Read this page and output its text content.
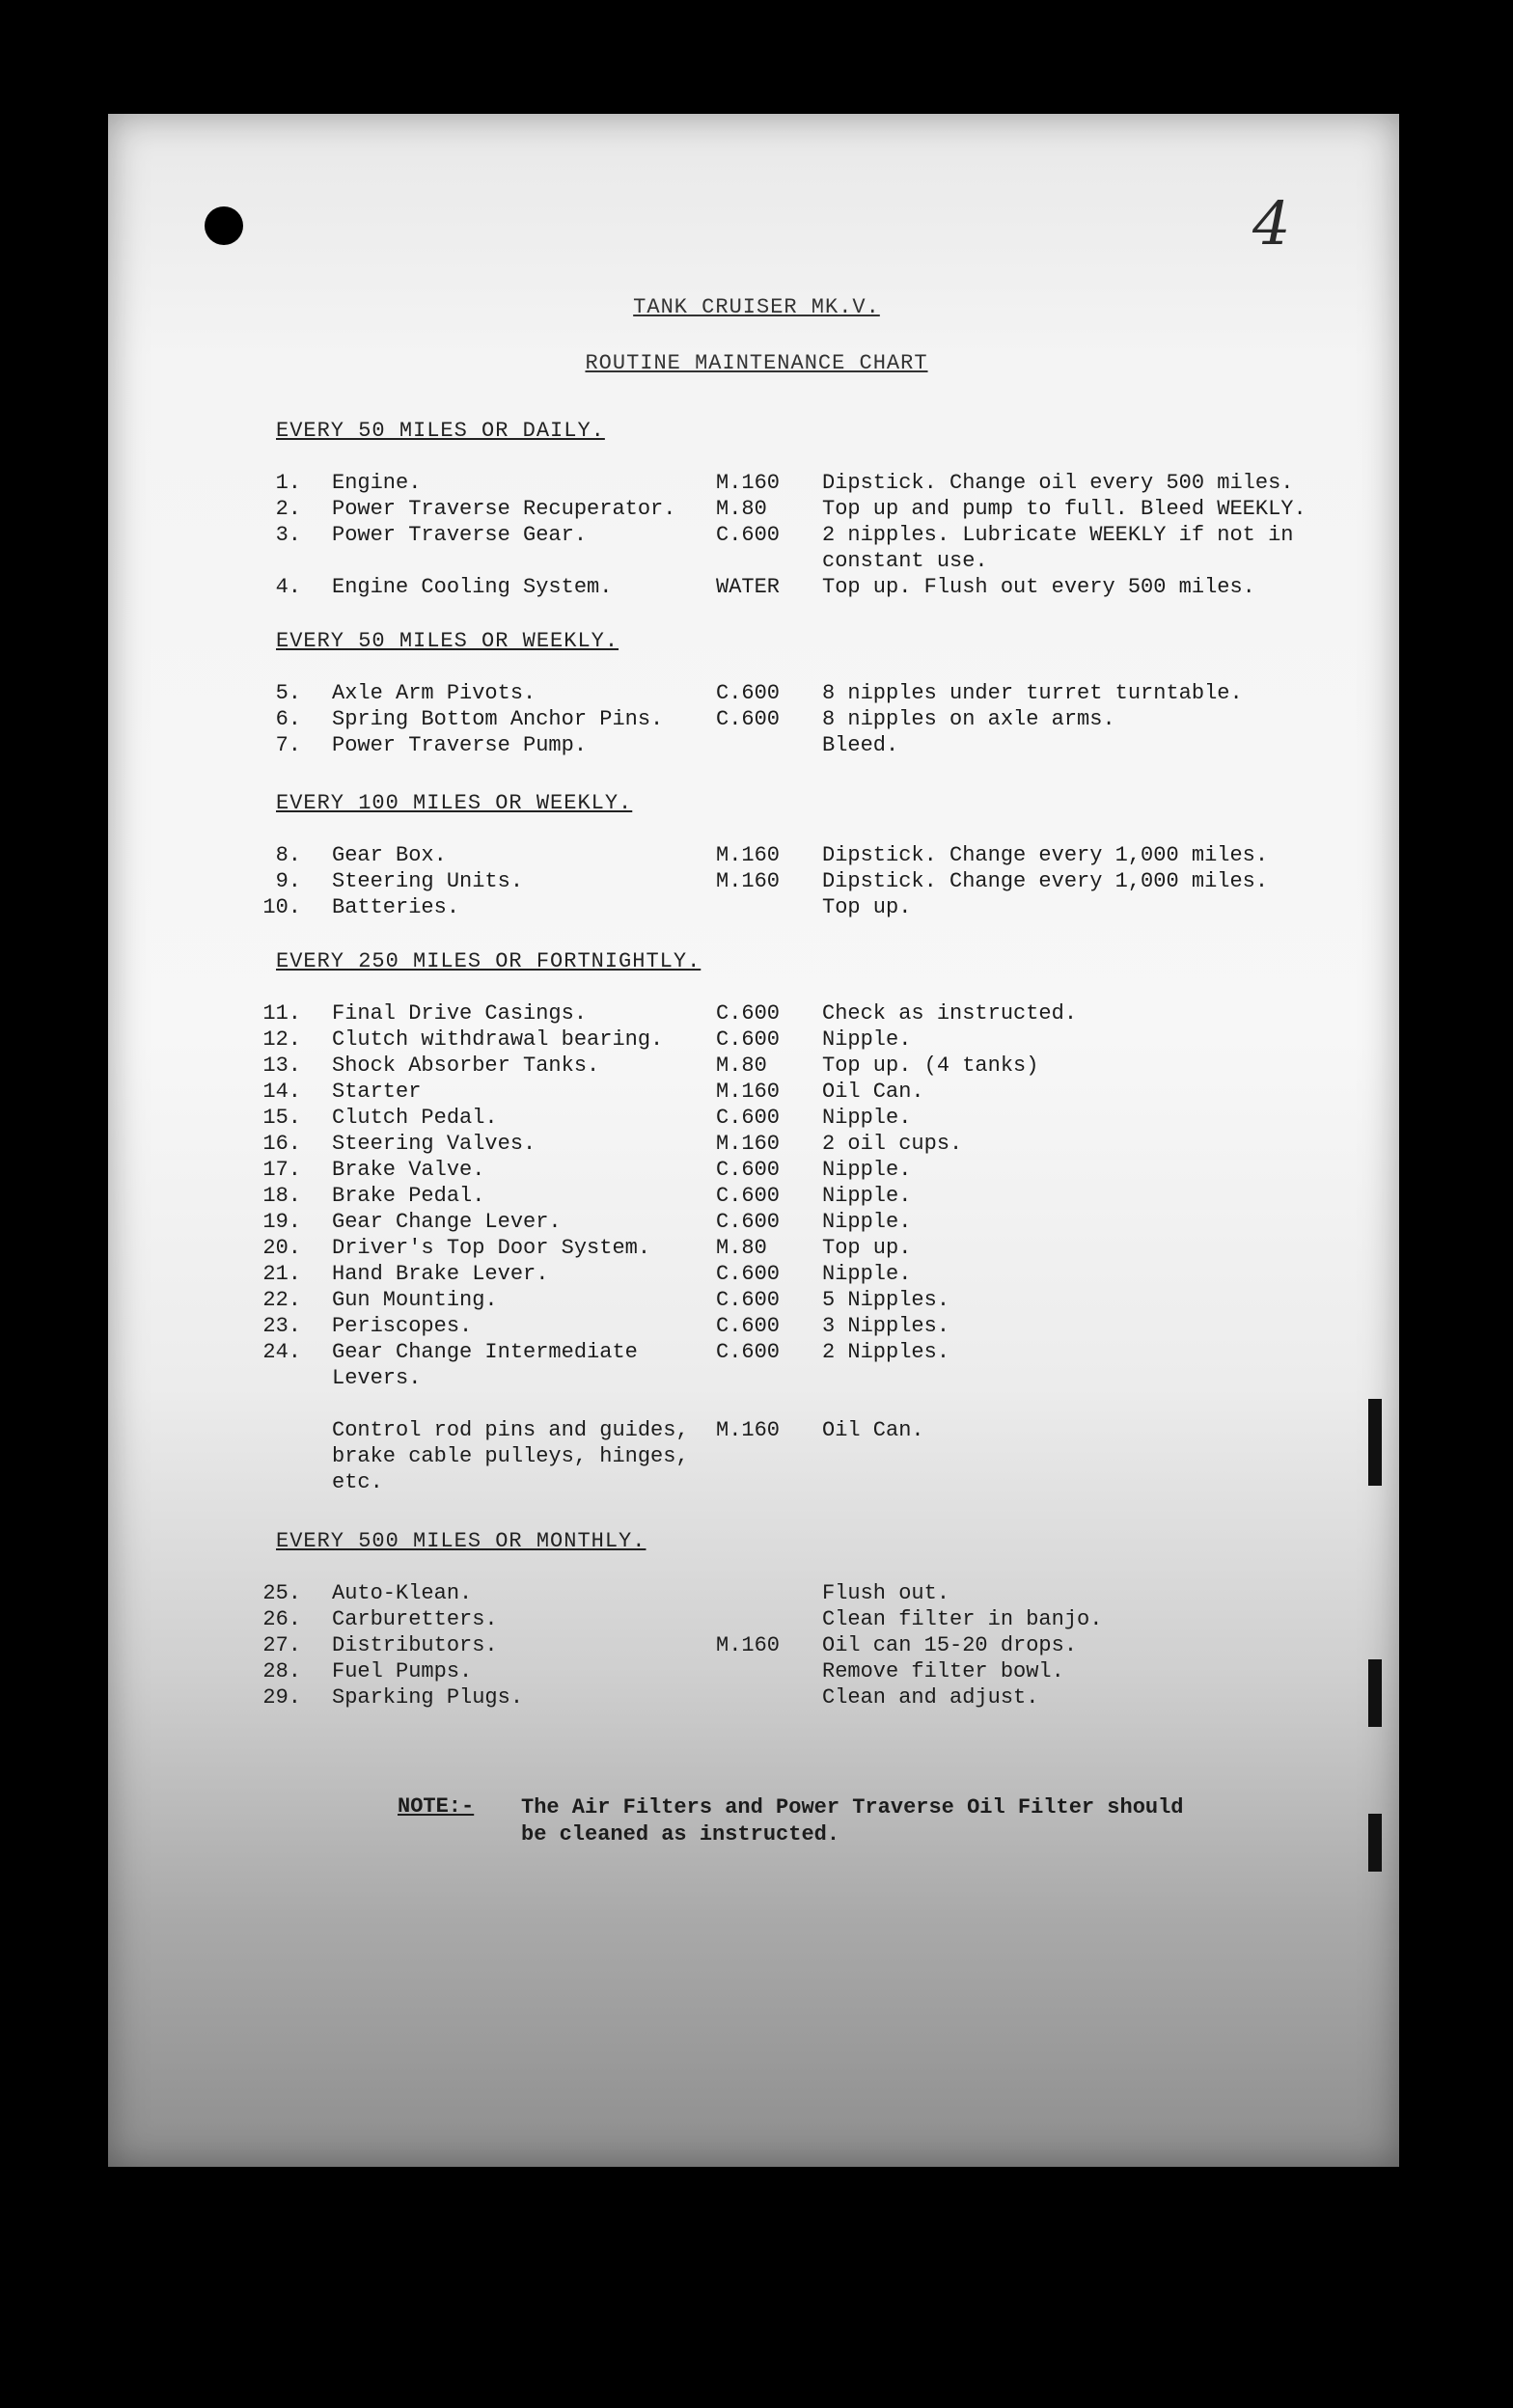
4
TANK CRUISER MK.V.
ROUTINE MAINTENANCE CHART
EVERY 50 MILES OR DAILY.
1. Engine.	M.160 Dipstick. Change oil every 500 miles.
2. Power Traverse Recuperator. M.80	Top up and pump to full. Bleed WEEKLY.
3. Power Traverse Gear.	C.600 2 nipples. Lubricate WEEKLY if not in
constant use.
4. Engine Cooling System.	WATER Top up. Flush out every 500 miles.
EVERY 50 MILES OR WEEKLY.
5. Axle Arm Pivots.	C.600 8 nipples under turret turntable.
6. Spring Bottom Anchor Pins. C.600 8 nipples on axle arms.
7. Power Traverse Pump.	Bleed.
EVERY 100 MILES OR WEEKLY.
8. Gear Box.	M.160 Dipstick. Change every 1,000 miles.
9. Steering Units.	M.160 Dipstick. Change every 1,000 miles.
10. Batteries.	Top up.
EVERY 250 MILES OR FORTNIGHTLY.
11. Final Drive Casings.	C.600 Check as instructed.
12. Clutch withdrawal bearing. C.600 Nipple.
13. Shock Absorber Tanks.	M.80	Top up. (4 tanks)
14. Starter	M.160 Oil Can.
15. Clutch Pedal.	C.600 Nipple.
16. Steering Valves.	M.160 2 oil cups.
17. Brake Valve.	C.600 Nipple.
18. Brake Pedal.	C.600 Nipple.
19. Gear Change Lever.	C.600 Nipple.
20. Driver's Top Door System.	M.80	Top up.
21. Hand Brake Lever.	C.600 Nipple.
22. Gun Mounting.	C.600 5 Nipples.
23. Periscopes.	C.600 3 Nipples.
24. Gear Change Intermediate	C.600 2 Nipples.
Levers.
Control rod pins and guides, M.160 Oil Can.
brake cable pulleys, hinges,
etc.
EVERY 500 MILES OR MONTHLY.
25. Auto-Klean.	Flush out.
26. Carburetters.	Clean filter in banjo.
27. Distributors.	M.160 Oil can 15-20 drops.
28. Fuel Pumps.	Remove filter bowl.
29. Sparking Plugs.	Clean and adjust.
NOTE:- The Air Filters and Power Traverse Oil Filter should
be cleaned as instructed.
